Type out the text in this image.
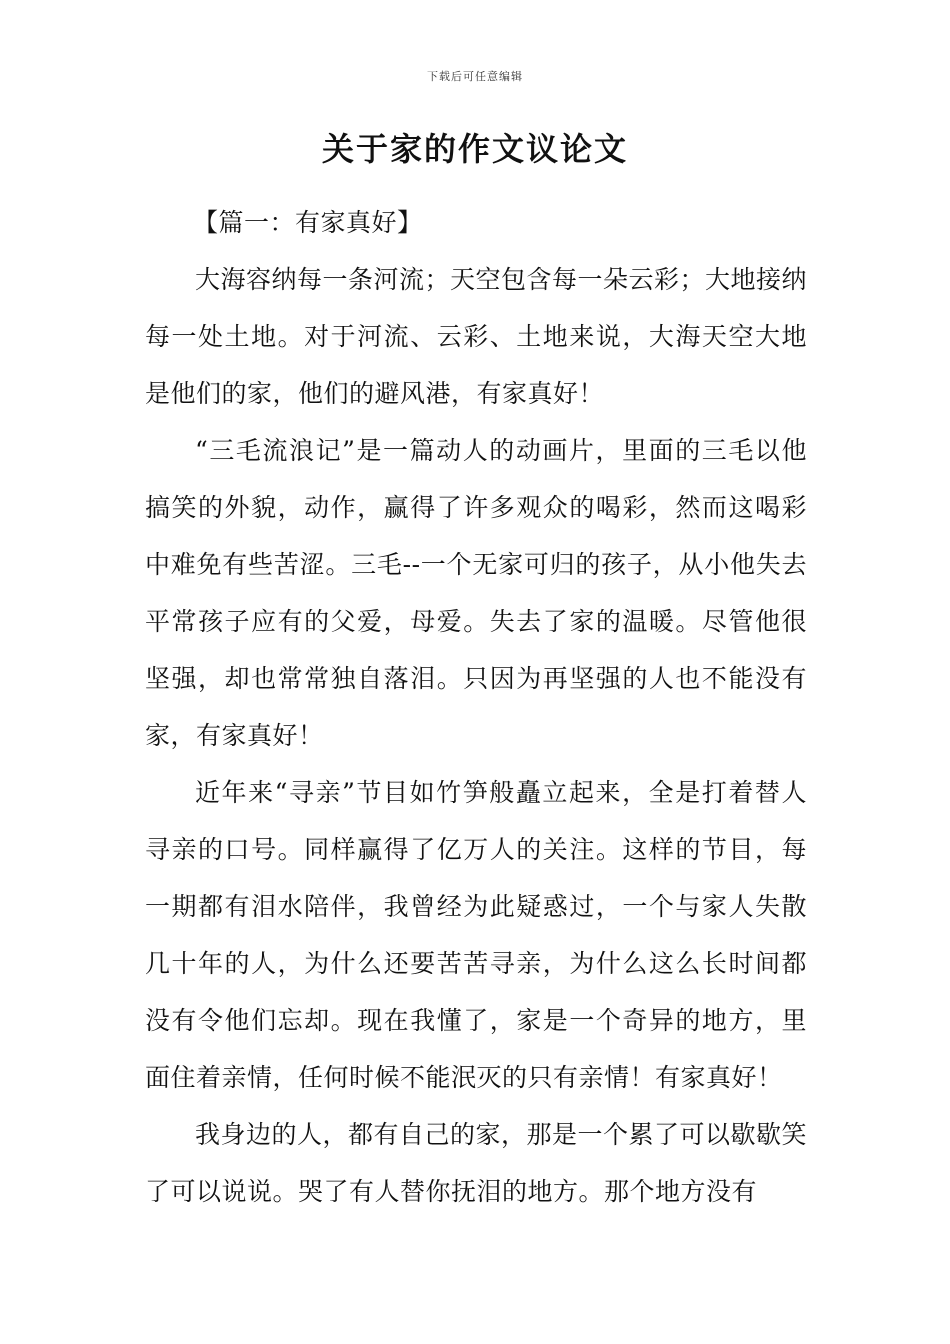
下载后可任意编辑
关于家的作文议论文

【篇一：有家真好】

大海容纳每一条河流；天空包含每一朵云彩；大地接纳每一处土地。对于河流、云彩、土地来说，大海天空大地是他们的家，他们的避风港，有家真好！

“三毛流浪记”是一篇动人的动画片，里面的三毛以他搞笑的外貌，动作，赢得了许多观众的喝彩，然而这喝彩中难免有些苦涩。三毛--一个无家可归的孩子，从小他失去平常孩子应有的父爱，母爱。失去了家的温暖。尽管他很坚强，却也常常独自落泪。只因为再坚强的人也不能没有家，有家真好！

近年来“寻亲”节目如竹笋般矗立起来，全是打着替人寻亲的口号。同样赢得了亿万人的关注。这样的节目，每一期都有泪水陪伴，我曾经为此疑惑过，一个与家人失散几十年的人，为什么还要苦苦寻亲，为什么这么长时间都没有令他们忘却。现在我懂了，家是一个奇异的地方，里面住着亲情，任何时候不能泯灭的只有亲情！有家真好！

我身边的人，都有自己的家，那是一个累了可以歇歇笑了可以说说。哭了有人替你抚泪的地方。那个地方没有
